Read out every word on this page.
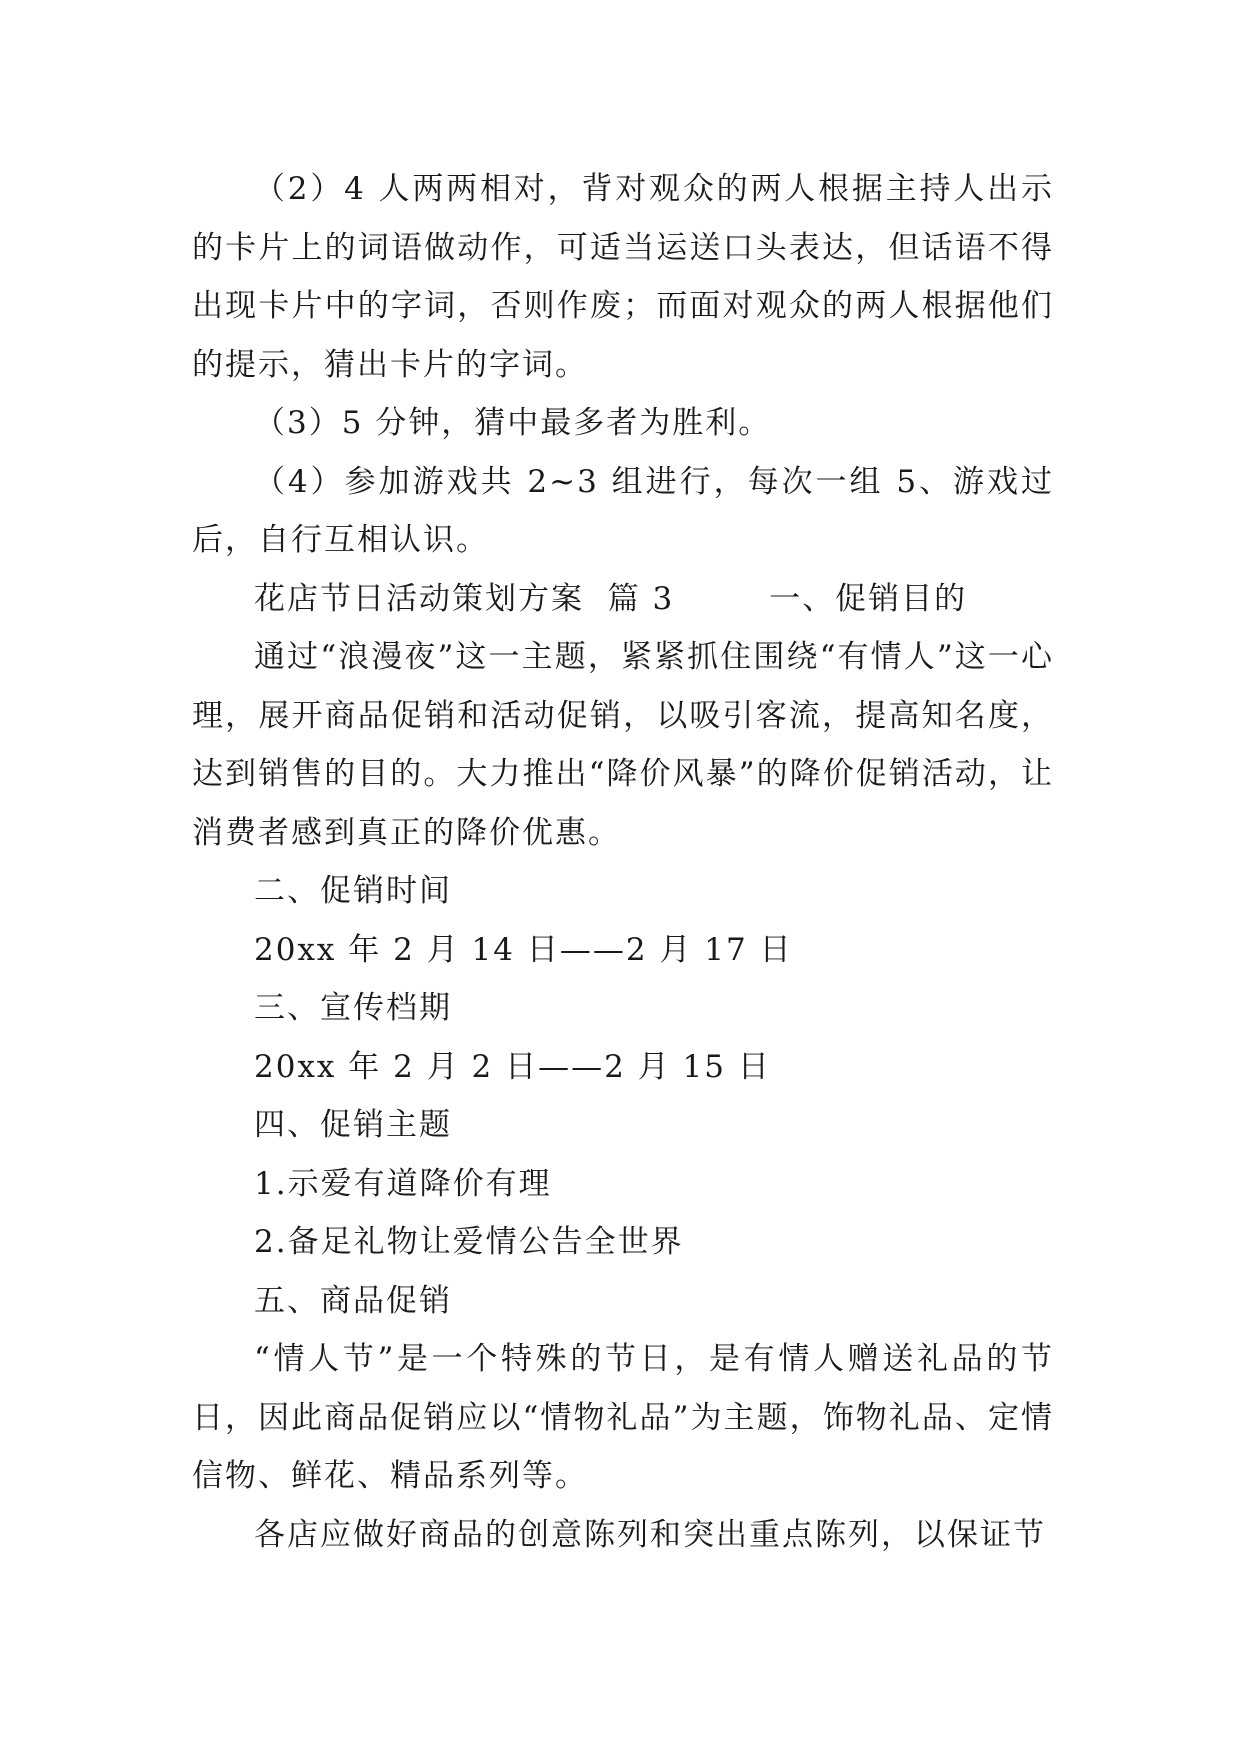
（2）4 人两两相对，背对观众的两人根据主持人出示的卡片上的词语做动作，可适当运送口头表达，但话语不得出现卡片中的字词，否则作废；而面对观众的两人根据他们的提示，猜出卡片的字词。

（3）5 分钟，猜中最多者为胜利。

（4）参加游戏共 2~3 组进行，每次一组 5、游戏过后，自行互相认识。

花店节日活动策划方案  篇 3        一、促销目的

通过“浪漫夜”这一主题，紧紧抓住围绕“有情人”这一心理，展开商品促销和活动促销，以吸引客流，提高知名度，达到销售的目的。大力推出“降价风暴”的降价促销活动，让消费者感到真正的降价优惠。

二、促销时间

20xx 年 2 月 14 日——2 月 17 日

三、宣传档期

20xx 年 2 月 2 日——2 月 15 日

四、促销主题

1.示爱有道降价有理

2.备足礼物让爱情公告全世界

五、商品促销

“情人节”是一个特殊的节日，是有情人赠送礼品的节日，因此商品促销应以“情物礼品”为主题，饰物礼品、定情信物、鲜花、精品系列等。

各店应做好商品的创意陈列和突出重点陈列，以保证节
